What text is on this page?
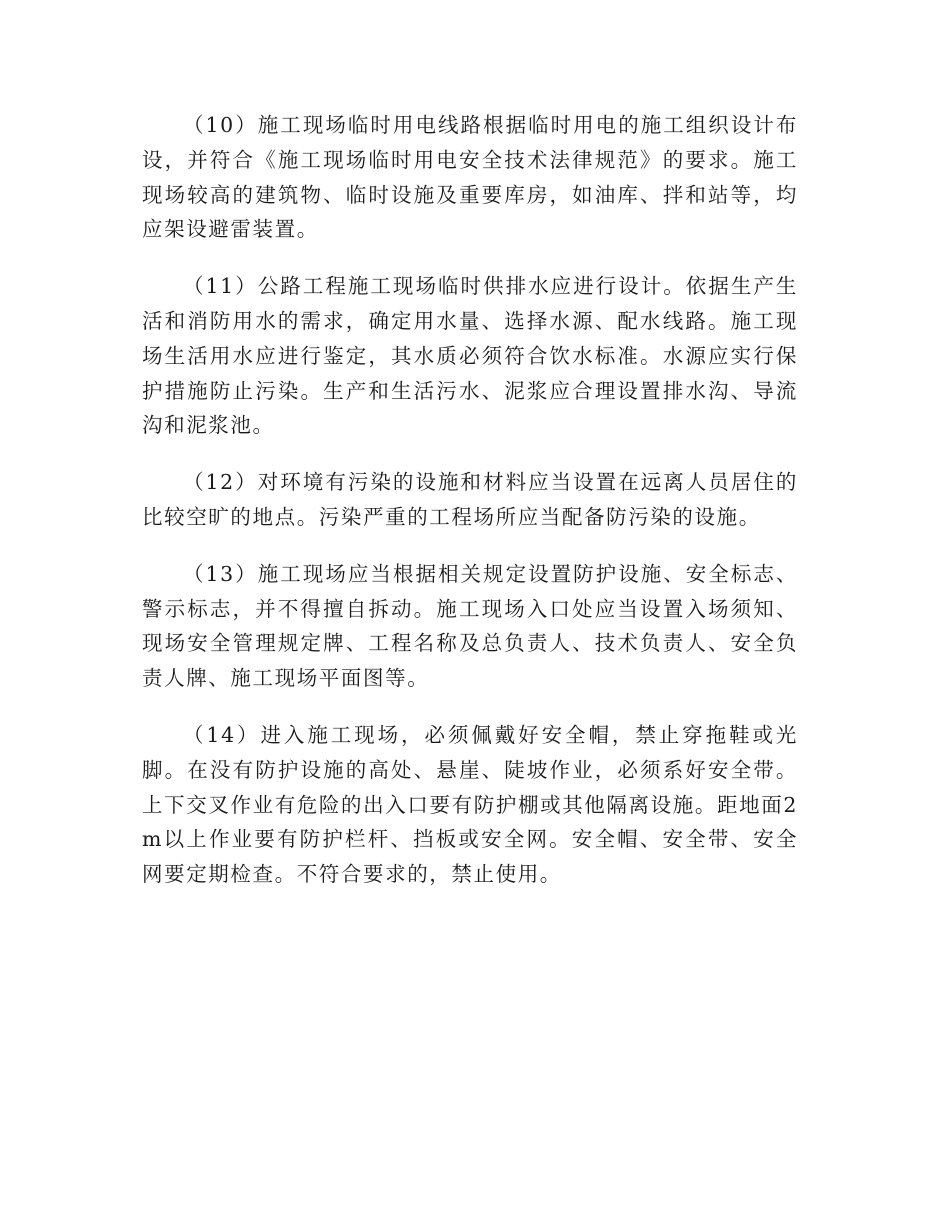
（10）施工现场临时用电线路根据临时用电的施工组织设计布设，并符合《施工现场临时用电安全技术法律规范》的要求。施工现场较高的建筑物、临时设施及重要库房，如油库、拌和站等，均应架设避雷装置。

（11）公路工程施工现场临时供排水应进行设计。依据生产生活和消防用水的需求，确定用水量、选择水源、配水线路。施工现场生活用水应进行鉴定，其水质必须符合饮水标准。水源应实行保护措施防止污染。生产和生活污水、泥浆应合理设置排水沟、导流沟和泥浆池。

（12）对环境有污染的设施和材料应当设置在远离人员居住的比较空旷的地点。污染严重的工程场所应当配备防污染的设施。

（13）施工现场应当根据相关规定设置防护设施、安全标志、警示标志，并不得擅自拆动。施工现场入口处应当设置入场须知、现场安全管理规定牌、工程名称及总负责人、技术负责人、安全负责人牌、施工现场平面图等。

（14）进入施工现场，必须佩戴好安全帽，禁止穿拖鞋或光脚。在没有防护设施的高处、悬崖、陡坡作业，必须系好安全带。上下交叉作业有危险的出入口要有防护棚或其他隔离设施。距地面2m以上作业要有防护栏杆、挡板或安全网。安全帽、安全带、安全网要定期检查。不符合要求的，禁止使用。
